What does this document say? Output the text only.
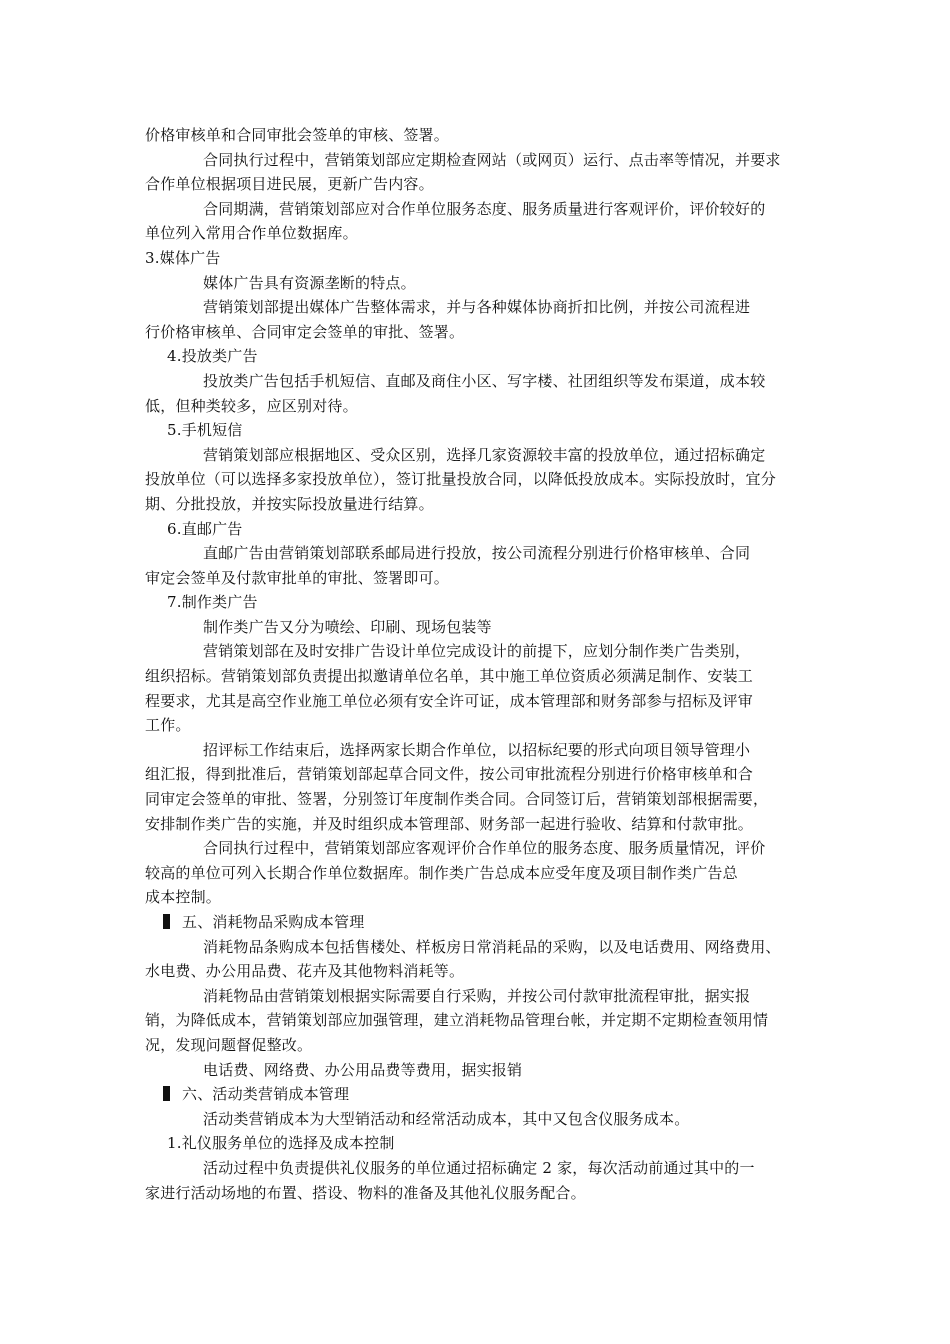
价格审核单和合同审批会签单的审核、签署。
合同执行过程中，营销策划部应定期检查网站（或网页）运行、点击率等情况，并要求
合作单位根据项目进民展，更新广告内容。
合同期满，营销策划部应对合作单位服务态度、服务质量进行客观评价，评价较好的
单位列入常用合作单位数据库。
3.媒体广告
媒体广告具有资源垄断的特点。
营销策划部提出媒体广告整体需求，并与各种媒体协商折扣比例，并按公司流程进
行价格审核单、合同审定会签单的审批、签署。
4.投放类广告
投放类广告包括手机短信、直邮及商住小区、写字楼、社团组织等发布渠道，成本较
低，但种类较多，应区别对待。
5.手机短信
营销策划部应根据地区、受众区别，选择几家资源较丰富的投放单位，通过招标确定
投放单位（可以选择多家投放单位），签订批量投放合同，以降低投放成本。实际投放时，宜分
期、分批投放，并按实际投放量进行结算。
6.直邮广告
直邮广告由营销策划部联系邮局进行投放，按公司流程分别进行价格审核单、合同
审定会签单及付款审批单的审批、签署即可。
7.制作类广告
制作类广告又分为喷绘、印刷、现场包装等
营销策划部在及时安排广告设计单位完成设计的前提下，应划分制作类广告类别，
组织招标。营销策划部负责提出拟邀请单位名单，其中施工单位资质必须满足制作、安装工
程要求，尤其是高空作业施工单位必须有安全许可证，成本管理部和财务部参与招标及评审
工作。
招评标工作结束后，选择两家长期合作单位，以招标纪要的形式向项目领导管理小
组汇报，得到批准后，营销策划部起草合同文件，按公司审批流程分别进行价格审核单和合
同审定会签单的审批、签署，分别签订年度制作类合同。合同签订后，营销策划部根据需要，
安排制作类广告的实施，并及时组织成本管理部、财务部一起进行验收、结算和付款审批。
合同执行过程中，营销策划部应客观评价合作单位的服务态度、服务质量情况，评价
较高的单位可列入长期合作单位数据库。制作类广告总成本应受年度及项目制作类广告总
成本控制。
五、消耗物品采购成本管理
消耗物品条购成本包括售楼处、样板房日常消耗品的采购，以及电话费用、网络费用、
水电费、办公用品费、花卉及其他物料消耗等。
消耗物品由营销策划根据实际需要自行采购，并按公司付款审批流程审批，据实报
销，为降低成本，营销策划部应加强管理，建立消耗物品管理台帐，并定期不定期检查领用情
况，发现问题督促整改。
电话费、网络费、办公用品费等费用，据实报销
六、活动类营销成本管理
活动类营销成本为大型销活动和经常活动成本，其中又包含仪服务成本。
1.礼仪服务单位的选择及成本控制
活动过程中负责提供礼仪服务的单位通过招标确定 2 家，每次活动前通过其中的一
家进行活动场地的布置、搭设、物料的准备及其他礼仪服务配合。
